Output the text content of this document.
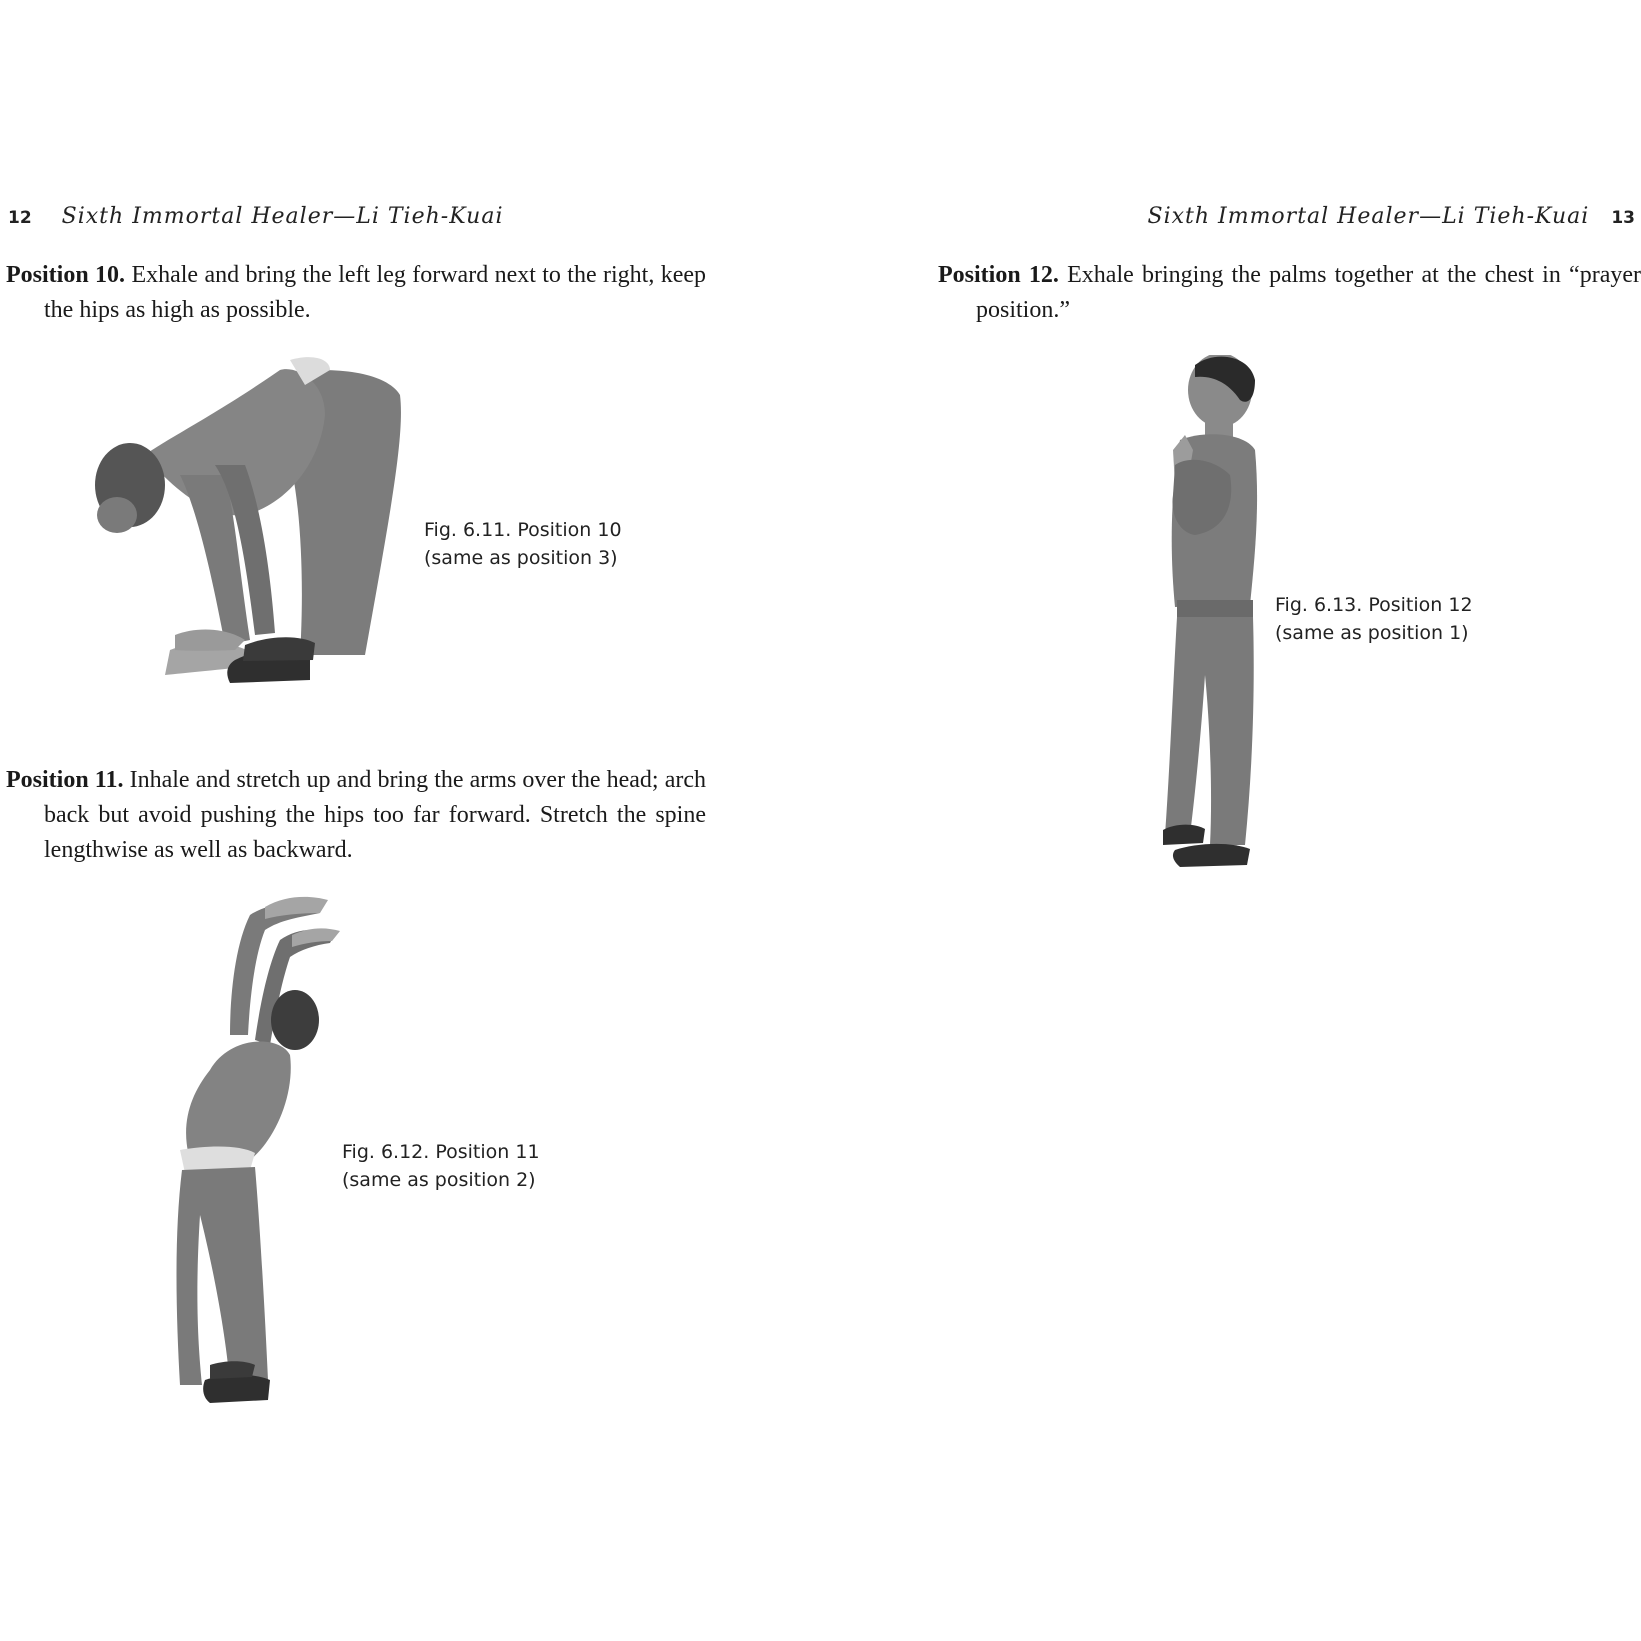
12 Sixth Immortal Healer—Li Tieh-Kuai
Position 10. Exhale and bring the left leg forward next to the right, keep the hips as high as possible.
Fig. 6.11. Position 10
(same as position 3)
Position 11. Inhale and stretch up and bring the arms over the head; arch back but avoid pushing the hips too far forward. Stretch the spine lengthwise as well as backward.
Fig. 6.12. Position 11
(same as position 2)
Sixth Immortal Healer—Li Tieh-Kuai 13
Position 12. Exhale bringing the palms together at the chest in “prayer position.”
Fig. 6.13. Position 12
(same as position 1)
